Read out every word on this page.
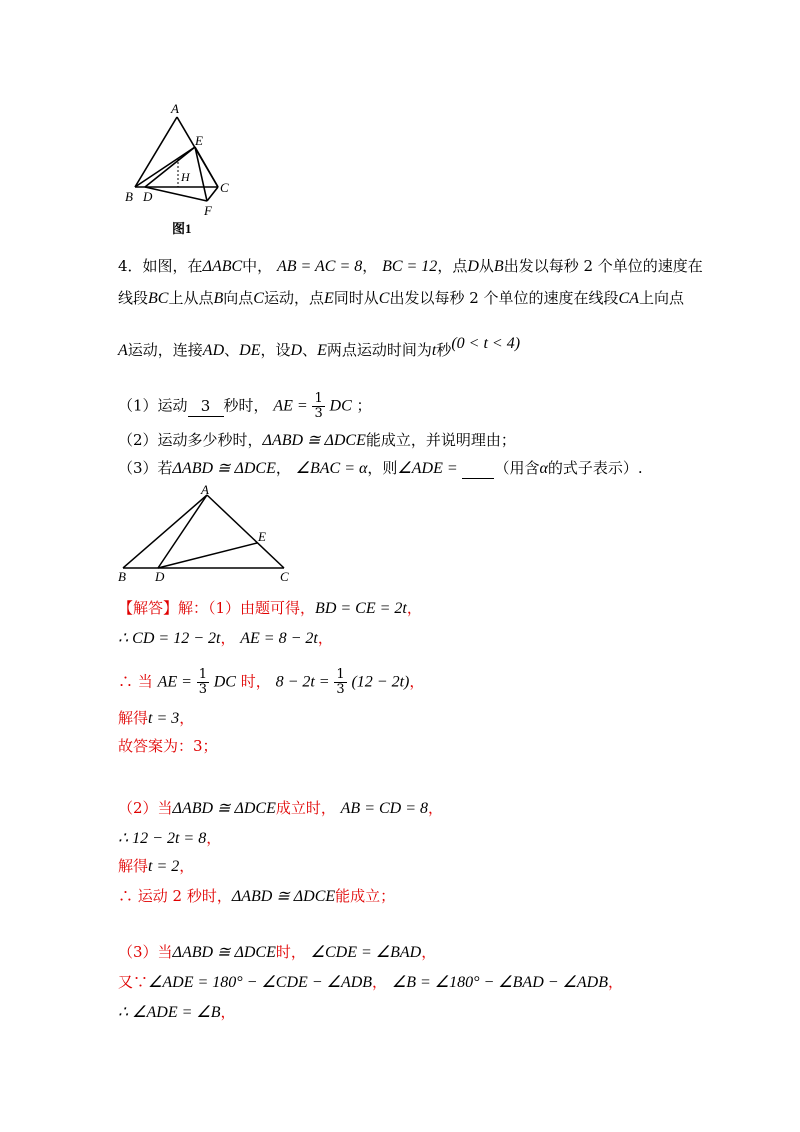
A
E
H
B D
C
F
图1
4．如图，在ΔABC中， AB = AC = 8， BC = 12，点D从B出发以每秒 2 个单位的速度在
线段BC上从点B向点C运动，点E同时从C出发以每秒 2 个单位的速度在线段CA上向点
A运动，连接AD、DE，设D、E两点运动时间为t秒(0 < t < 4)
（1）运动 3 秒时， AE = $\frac{1}{3}$ DC ；
（2）运动多少秒时，ΔABD ≅ ΔDCE能成立，并说明理由；
（3）若ΔABD ≅ ΔDCE， ∠BAC = α，则∠ADE = （用含α的式子表示）.
A
E
B D	C
【解答】解：（1）由题可得，BD = CE = 2t，
∴ CD = 12 − 2t， AE = 8 − 2t，
∴ 当 AE = $\frac{1}{3}$ DC 时， $8 - 2t = \frac{1}{3} (12 - 2t)$，
解得t = 3，
故答案为：3；
（2）当ΔABD ≅ ΔDCE成立时， AB = CD = 8，
∴ 12 − 2t = 8，
解得t = 2，
∴ 运动 2 秒时，ΔABD ≅ ΔDCE能成立；
（3）当ΔABD ≅ ΔDCE时， ∠CDE = ∠BAD，
又∵∠ADE = 180° − ∠CDE − ∠ADB， ∠B = ∠180° − ∠BAD − ∠ADB，
∴ ∠ADE = ∠B，
